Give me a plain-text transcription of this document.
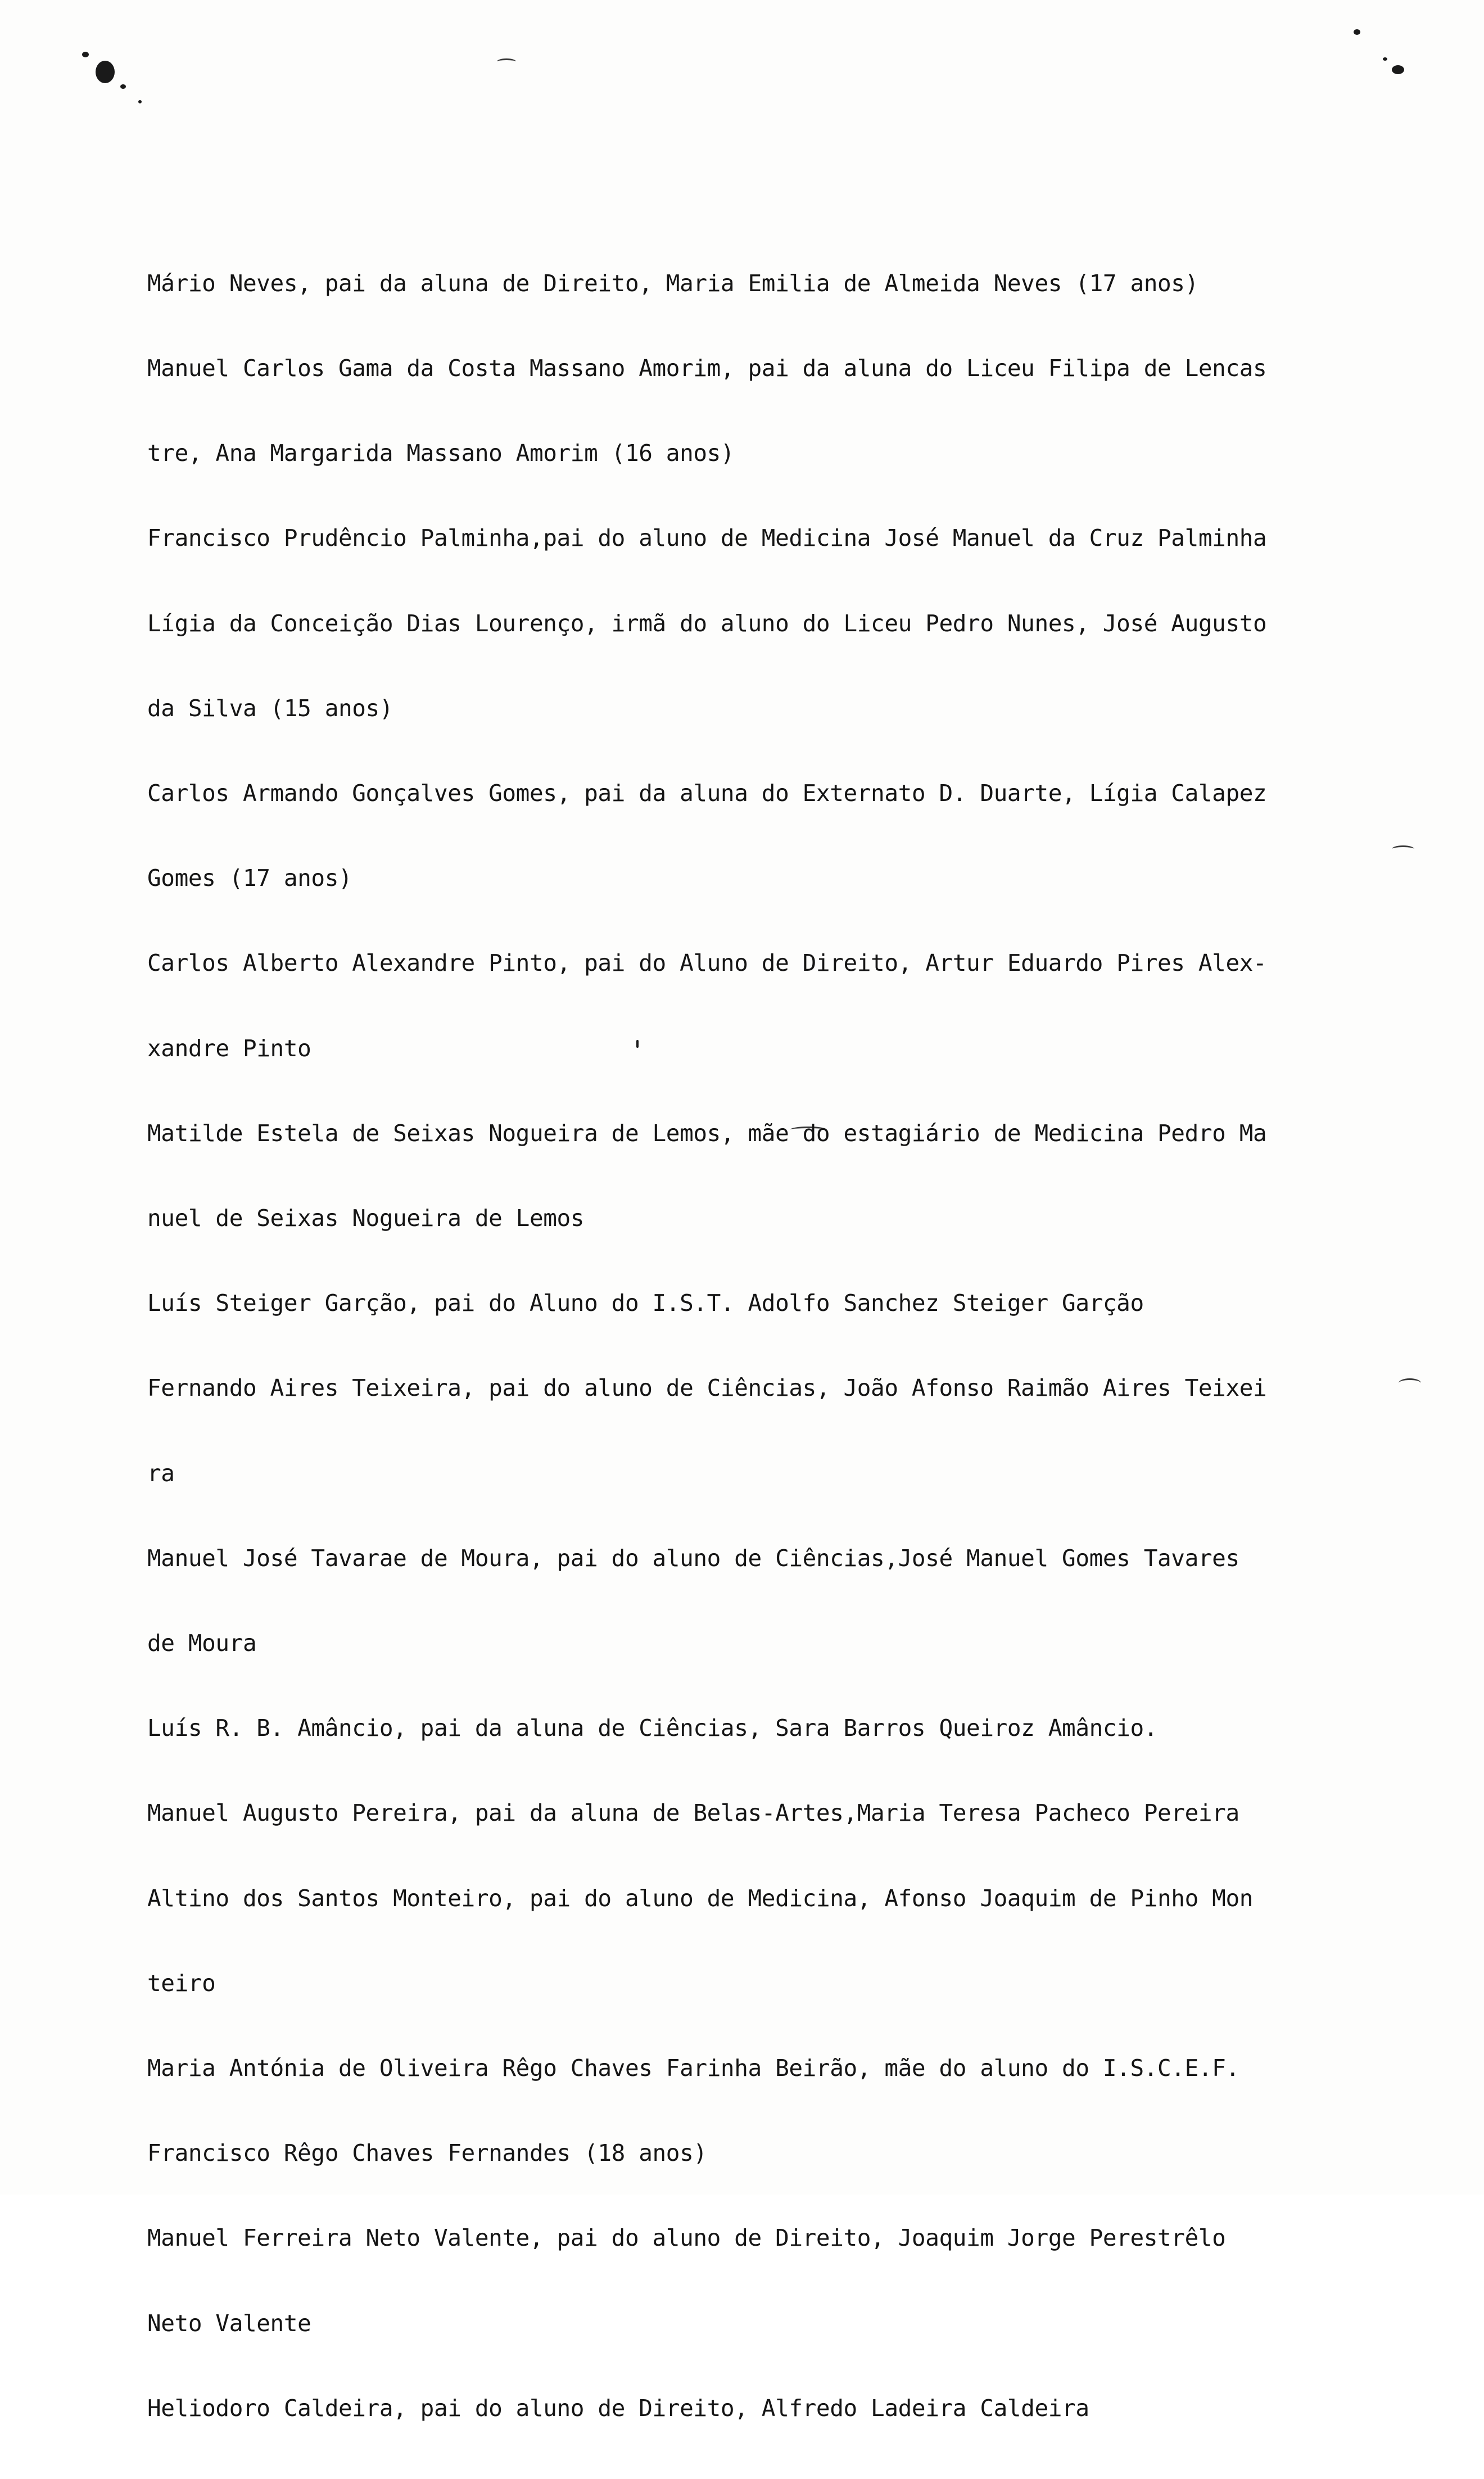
Mário Neves, pai da aluna de Direito, Maria Emilia de Almeida Neves (17 anos)

Manuel Carlos Gama da Costa Massano Amorim, pai da aluna do Liceu Filipa de Lencas

tre, Ana Margarida Massano Amorim (16 anos)

Francisco Prudêncio Palminha,pai do aluno de Medicina José Manuel da Cruz Palminha

Lígia da Conceição Dias Lourenço, irmã do aluno do Liceu Pedro Nunes, José Augusto

da Silva (15 anos)

Carlos Armando Gonçalves Gomes, pai da aluna do Externato D. Duarte, Lígia Calapez

Gomes (17 anos)

Carlos Alberto Alexandre Pinto, pai do Aluno de Direito, Artur Eduardo Pires Alex-

xandre Pinto

Matilde Estela de Seixas Nogueira de Lemos, mãe do estagiário de Medicina Pedro Ma

nuel de Seixas Nogueira de Lemos

Luís Steiger Garção, pai do Aluno do I.S.T. Adolfo Sanchez Steiger Garção

Fernando Aires Teixeira, pai do aluno de Ciências, João Afonso Raimão Aires Teixei

ra

Manuel José Tavarae de Moura, pai do aluno de Ciências,José Manuel Gomes Tavares

de Moura

Luís R. B. Amâncio, pai da aluna de Ciências, Sara Barros Queiroz Amâncio.

Manuel Augusto Pereira, pai da aluna de Belas-Artes,Maria Teresa Pacheco Pereira

Altino dos Santos Monteiro, pai do aluno de Medicina, Afonso Joaquim de Pinho Mon

teiro

Maria Antónia de Oliveira Rêgo Chaves Farinha Beirão, mãe do aluno do I.S.C.E.F.

Francisco Rêgo Chaves Fernandes (18 anos)

Manuel Ferreira Neto Valente, pai do aluno de Direito, Joaquim Jorge Perestrêlo

Neto Valente

Heliodoro Caldeira, pai do aluno de Direito, Alfredo Ladeira Caldeira
